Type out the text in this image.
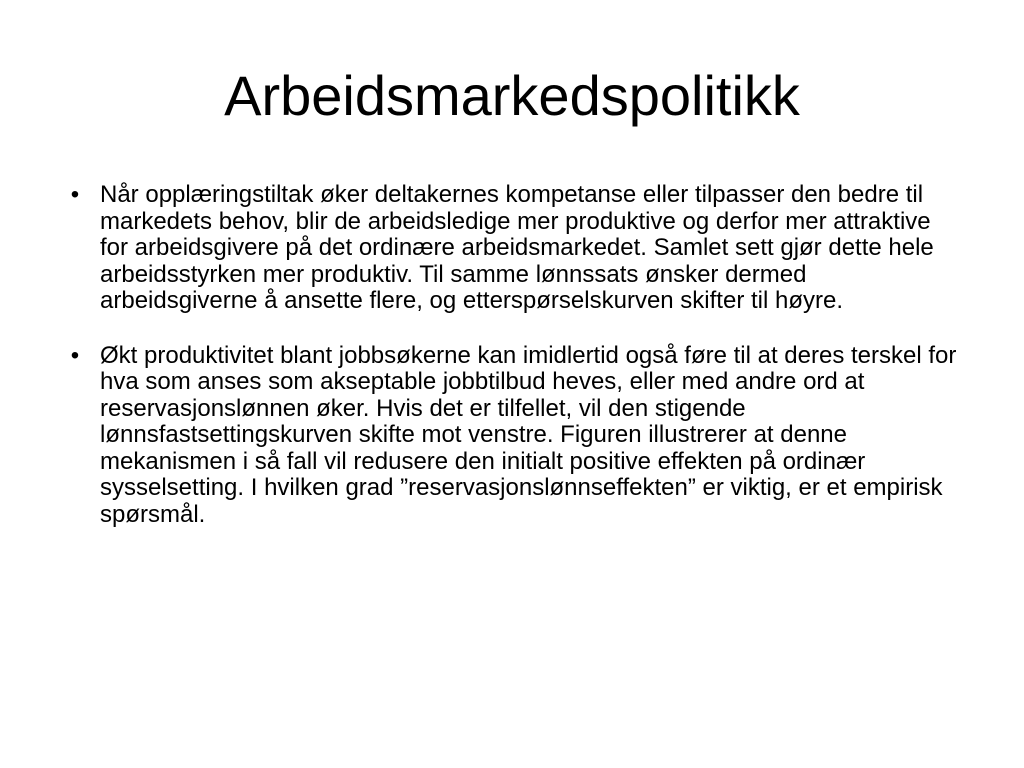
Arbeidsmarkedspolitikk
• Når opplæringstiltak øker deltakernes kompetanse eller tilpasser den bedre til markedets behov, blir de arbeidsledige mer produktive og derfor mer attraktive for arbeidsgivere på det ordinære arbeidsmarkedet. Samlet sett gjør dette hele arbeidsstyrken mer produktiv. Til samme lønnssats ønsker dermed arbeidsgiverne å ansette flere, og etterspørselskurven skifter til høyre.
• Økt produktivitet blant jobbsøkerne kan imidlertid også føre til at deres terskel for hva som anses som akseptable jobbtilbud heves, eller med andre ord at reservasjonslønnen øker. Hvis det er tilfellet, vil den stigende lønnsfastsettingskurven skifte mot venstre. Figuren illustrerer at denne mekanismen i så fall vil redusere den initialt positive effekten på ordinær sysselsetting. I hvilken grad ”reservasjonslønnseffekten” er viktig, er et empirisk spørsmål.
